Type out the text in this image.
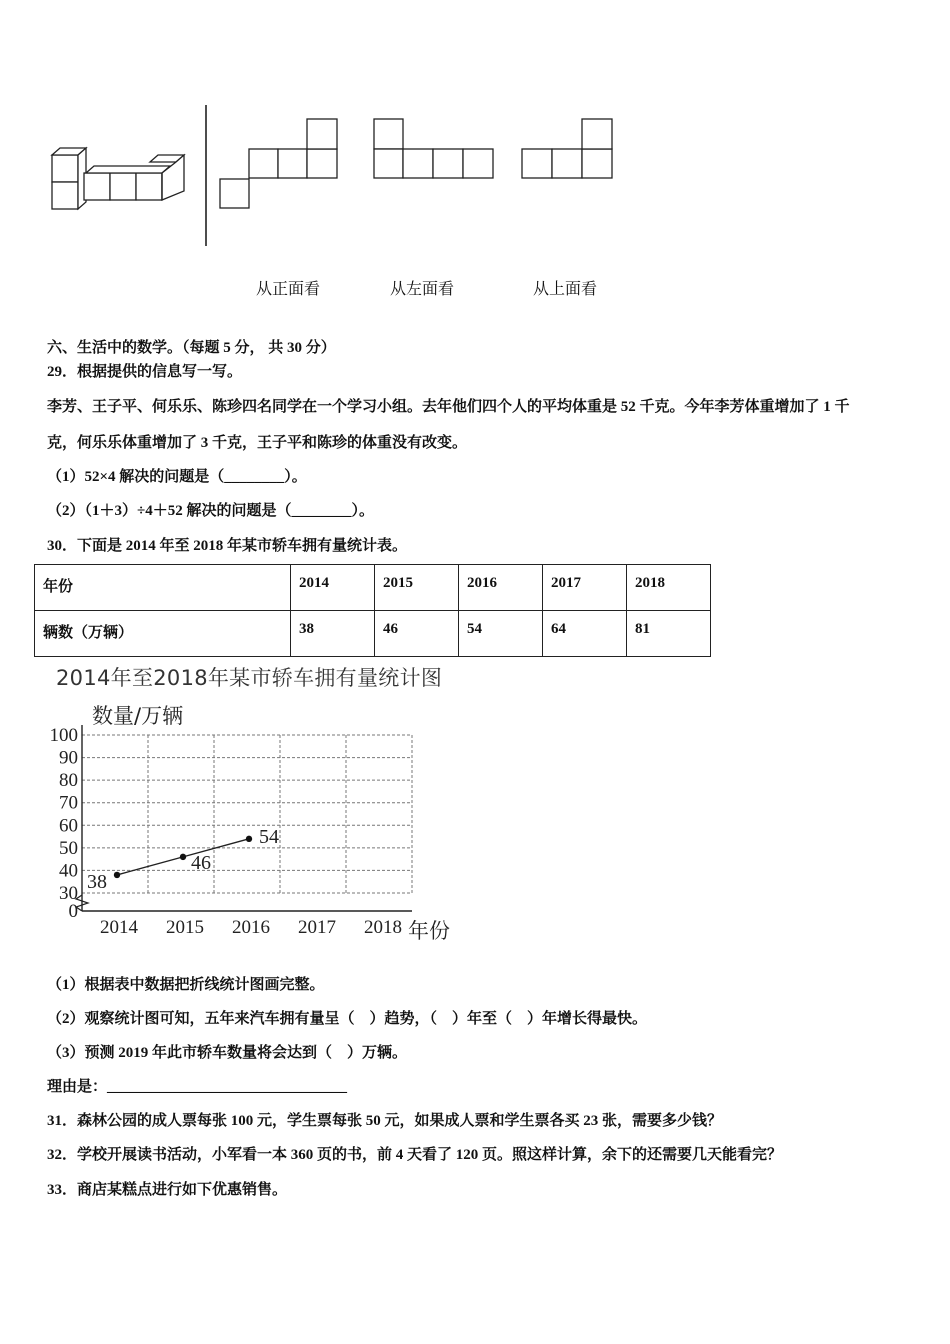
从正面看	从左面看	从上面看
六、生活中的数学。（每题 5 分， 共 30 分）
29．根据提供的信息写一写。
李芳、王子平、何乐乐、陈珍四名同学在一个学习小组。去年他们四个人的平均体重是 52 千克。今年李芳体重增加了 1 千
克，何乐乐体重增加了 3 千克，王子平和陈珍的体重没有改变。
（1）52×4 解决的问题是（________）。
（2）（1＋3）÷4＋52 解决的问题是（________）。
30．下面是 2014 年至 2018 年某市轿车拥有量统计表。
年份	2014	2015	2016	2017	2018
辆数（万辆）	38	46	54	64	81
2014年至2018年某市轿车拥有量统计图
数量/万辆
年份
0
30
40
50
60
70
80
90
100
2014 2015 2016 2017 2018
38
46
54
（1）根据表中数据把折线统计图画完整。
（2）观察统计图可知，五年来汽车拥有量呈（　）趋势，（　）年至（　）年增长得最快。
（3）预测 2019 年此市轿车数量将会达到（　）万辆。
理由是：________________________________
31．森林公园的成人票每张 100 元，学生票每张 50 元，如果成人票和学生票各买 23 张，需要多少钱？
32．学校开展读书活动，小军看一本 360 页的书，前 4 天看了 120 页。照这样计算，余下的还需要几天能看完？
33．商店某糕点进行如下优惠销售。
